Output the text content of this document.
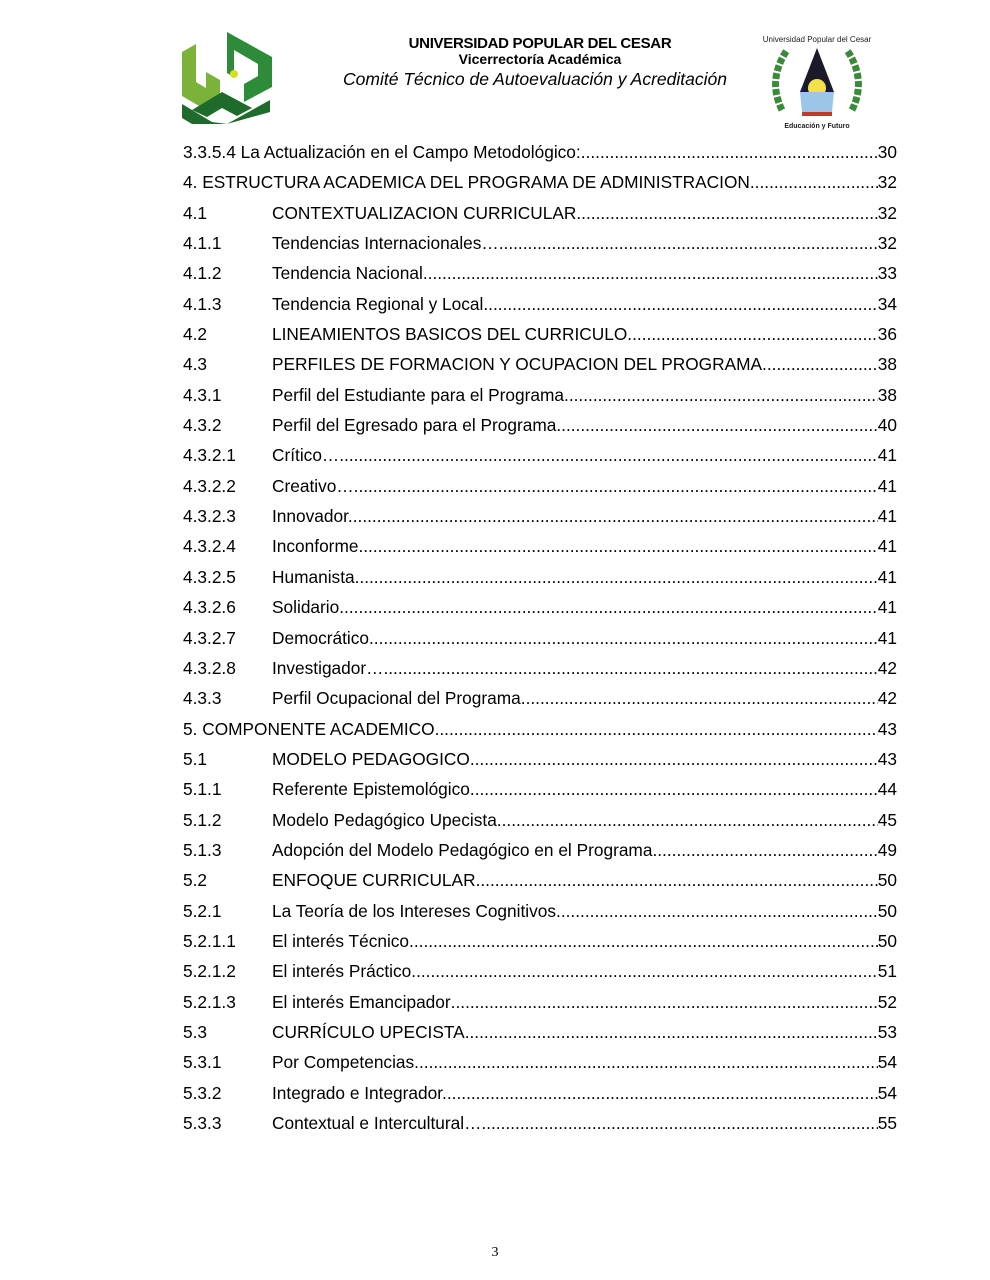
UNIVERSIDAD POPULAR DEL CESAR
Vicerrectoría Académica
Comité Técnico de Autoevaluación y Acreditación
Educación y Futuro
Universidad Popular del Cesar
3.3.5.4 La Actualización en el Campo Metodológico: .....	30
4. ESTRUCTURA ACADEMICA DEL PROGRAMA DE ADMINISTRACION .....	32
4.1	CONTEXTUALIZACION CURRICULAR .....	32
4.1.1	Tendencias Internacionales… .....	32
4.1.2	Tendencia Nacional. .....	33
4.1.3	Tendencia Regional y Local. .....	34
4.2	LINEAMIENTOS BASICOS DEL CURRICULO. .....	36
4.3	PERFILES DE FORMACION Y OCUPACION DEL PROGRAMA. .....	38
4.3.1	Perfil del Estudiante para el Programa. .....	38
4.3.2	Perfil del Egresado para el Programa. .....	40
4.3.2.1	Crítico… .....	41
4.3.2.2	Creativo… .....	41
4.3.2.3	Innovador. .....	41
4.3.2.4	Inconforme. .....	41
4.3.2.5	Humanista. .....	41
4.3.2.6	Solidario. .....	41
4.3.2.7	Democrático.. .....	41
4.3.2.8	Investigador… .....	42
4.3.3	Perfil Ocupacional del Programa .....	42
5. COMPONENTE ACADEMICO .....	43
5.1	MODELO PEDAGOGICO .....	43
5.1.1	Referente Epistemológico .....	44
5.1.2	Modelo Pedagógico Upecista. .....	45
5.1.3	Adopción del Modelo Pedagógico en el Programa. .....	49
5.2	ENFOQUE CURRICULAR .....	50
5.2.1	La Teoría de los Intereses Cognitivos .....	50
5.2.1.1	El interés Técnico. .....	50
5.2.1.2	El interés Práctico .....	51
5.2.1.3	El interés Emancipador .....	52
5.3	CURRÍCULO UPECISTA .....	53
5.3.1	Por Competencias.. .....	54
5.3.2	Integrado e Integrador.. .....	54
5.3.3	Contextual e Intercultural… .....	55
3
